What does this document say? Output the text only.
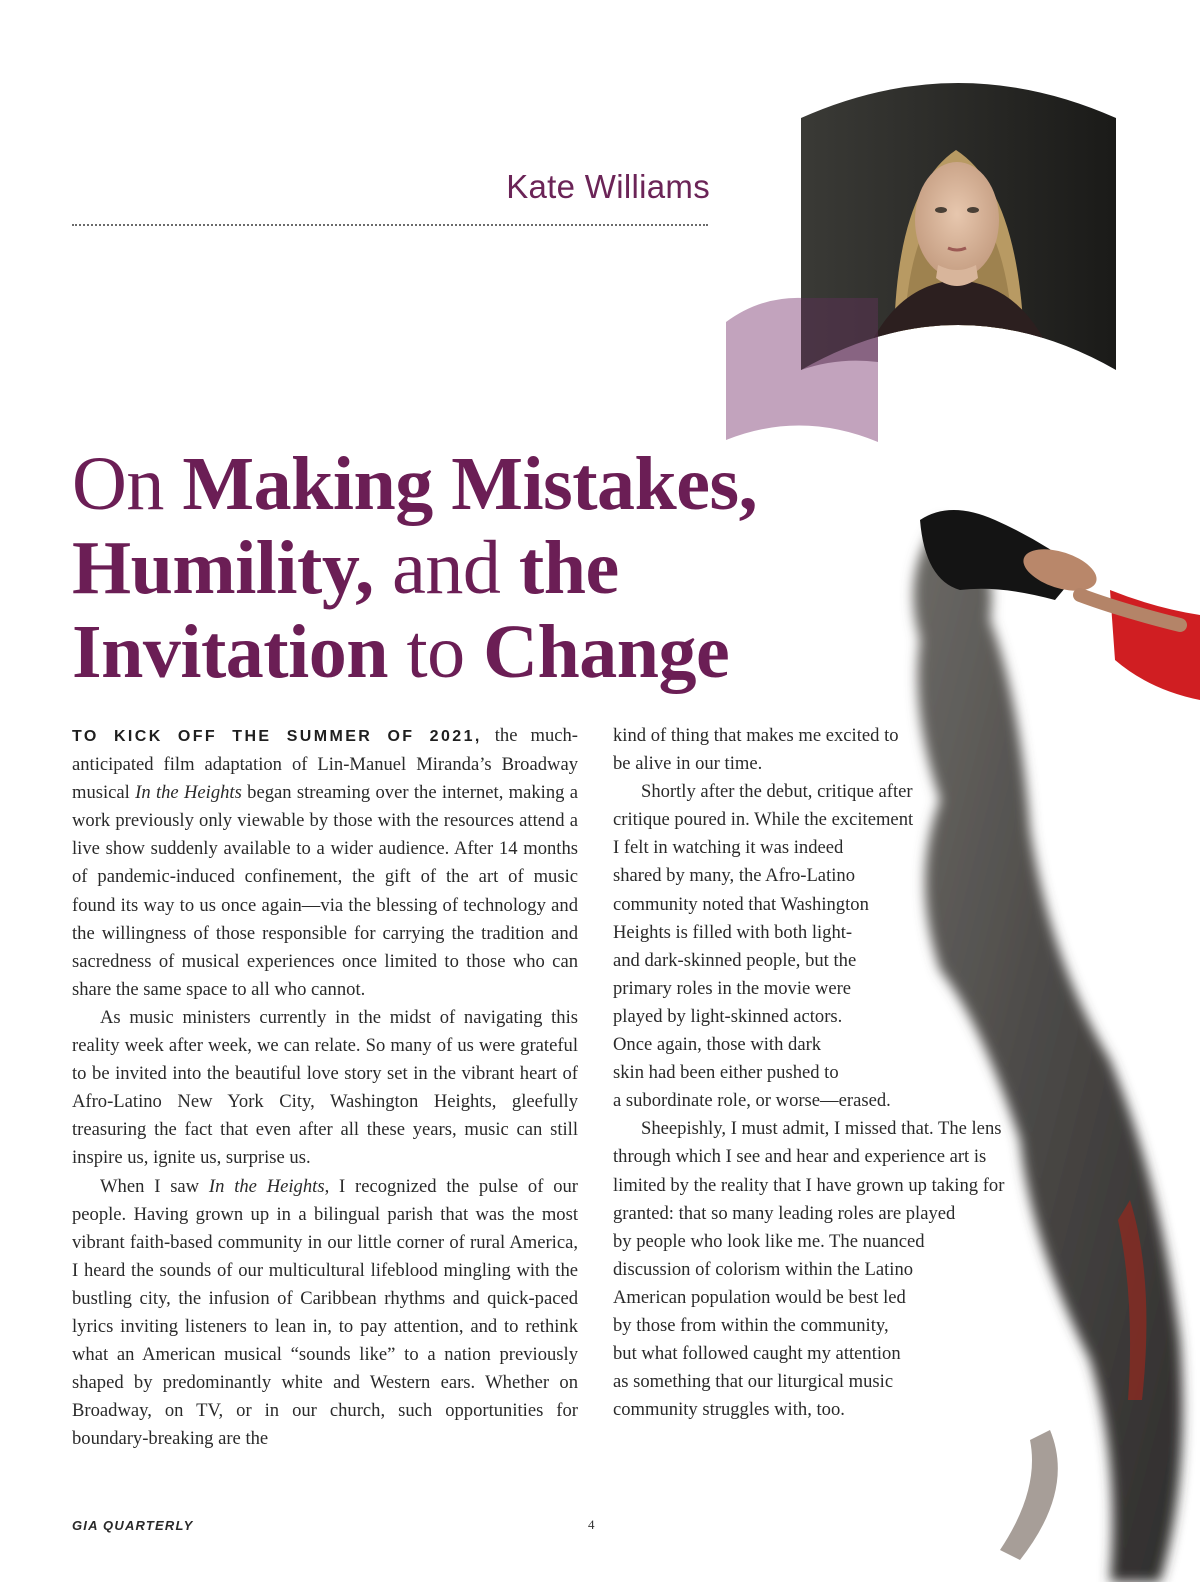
Kate Williams
On Making Mistakes,
Humility, and the
Invitation to Change

TO KICK OFF THE SUMMER OF 2021, the much-anticipated film adaptation of Lin-Manuel Miranda’s Broadway musical In the Heights began streaming over the internet, making a work previously only viewable by those with the resources attend a live show suddenly available to a wider audience. After 14 months of pandemic-induced confinement, the gift of the art of music found its way to us once again—via the blessing of technology and the willingness of those responsible for carrying the tradition and sacredness of musical experiences once limited to those who can share the same space to all who cannot.

As music ministers currently in the midst of navigating this reality week after week, we can relate. So many of us were grateful to be invited into the beautiful love story set in the vibrant heart of Afro-Latino New York City, Washington Heights, gleefully treasuring the fact that even after all these years, music can still inspire us, ignite us, surprise us.

When I saw In the Heights, I recognized the pulse of our people. Having grown up in a bilingual parish that was the most vibrant faith-based community in our little corner of rural America, I heard the sounds of our multicultural lifeblood mingling with the bustling city, the infusion of Caribbean rhythms and quick-paced lyrics inviting listeners to lean in, to pay attention, and to rethink what an American musical “sounds like” to a nation previously shaped by predominantly white and Western ears. Whether on Broadway, on TV, or in our church, such opportunities for boundary-breaking are the

kind of thing that makes me excited to
be alive in our time.

Shortly after the debut, critique after
critique poured in. While the excitement
I felt in watching it was indeed
shared by many, the Afro-Latino
community noted that Washington
Heights is filled with both light-
and dark-skinned people, but the
primary roles in the movie were
played by light-skinned actors.
Once again, those with dark
skin had been either pushed to
a subordinate role, or worse—erased.

Sheepishly, I must admit, I missed that. The lens
through which I see and hear and experience art is
limited by the reality that I have grown up taking for
granted: that so many leading roles are played
by people who look like me. The nuanced
discussion of colorism within the Latino
American population would be best led
by those from within the community,
but what followed caught my attention
as something that our liturgical music
community struggles with, too.

GIA QUARTERLY	4
